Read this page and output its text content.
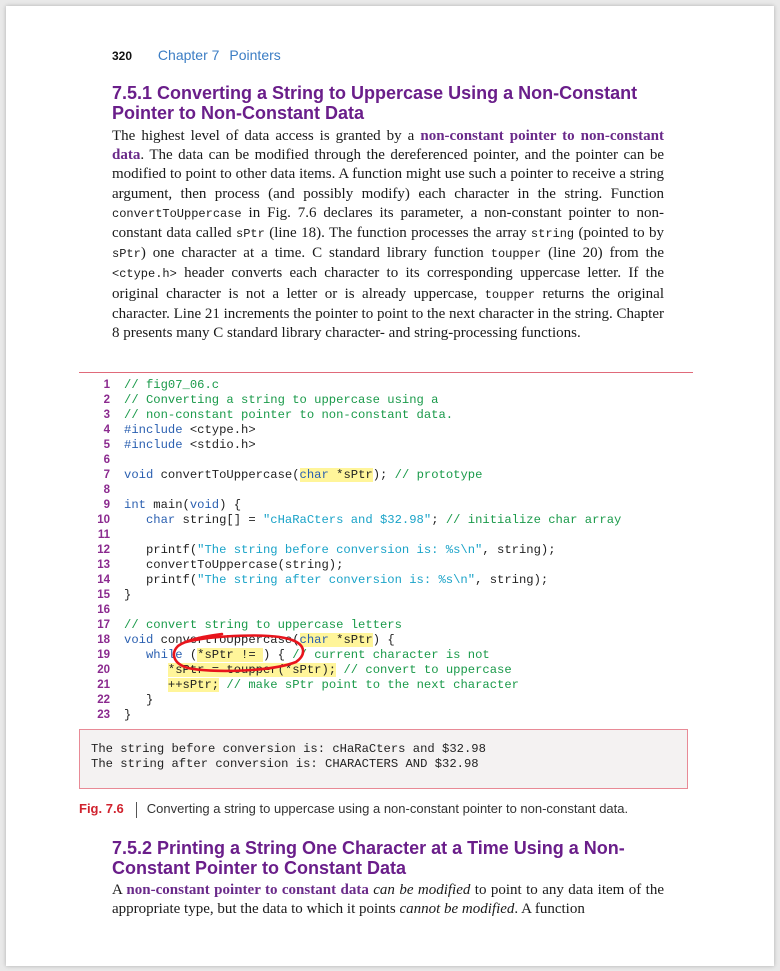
320 Chapter 7 Pointers
7.5.1 Converting a String to Uppercase Using a Non-Constant
Pointer to Non-Constant Data
The highest level of data access is granted by a non-constant pointer to non-constant data. The data can be modified through the dereferenced pointer, and the pointer can be modified to point to other data items. A function might use such a pointer to receive a string argument, then process (and possibly modify) each character in the string. Function convertToUppercase in Fig. 7.6 declares its parameter, a non-constant pointer to non-constant data called sPtr (line 18). The function processes the array string (pointed to by sPtr) one character at a time. C standard library function toupper (line 20) from the <ctype.h> header converts each character to its corresponding uppercase letter. If the original character is not a letter or is already uppercase, toupper returns the original character. Line 21 increments the pointer to point to the next character in the string. Chapter 8 presents many C standard library character- and string-processing functions.
1 // fig07_06.c
2 // Converting a string to uppercase using a
3 // non-constant pointer to non-constant data.
4 #include <ctype.h>
5 #include <stdio.h>
6
7 void convertToUppercase(char *sPtr); // prototype
8
9 int main(void) {
10   char string[] = "cHaRaCters and $32.98"; // initialize char array
11
12   printf("The string before conversion is: %s\n", string);
13   convertToUppercase(string);
14   printf("The string after conversion is: %s\n", string);
15 }
16
17 // convert string to uppercase letters
18 void convertToUppercase(char *sPtr) {
19   while (*sPtr != ) { // current character is not
20	*sPtr = toupper(*sPtr); // convert to uppercase
21	++sPtr; // make sPtr point to the next character
22   }
23 }
The string before conversion is: cHaRaCters and $32.98
The string after conversion is: CHARACTERS AND $32.98
Fig. 7.6 Converting a string to uppercase using a non-constant pointer to non-constant data.
7.5.2 Printing a String One Character at a Time Using a Non-
Constant Pointer to Constant Data
A non-constant pointer to constant data can be modified to point to any data item of the appropriate type, but the data to which it points cannot be modified. A function
